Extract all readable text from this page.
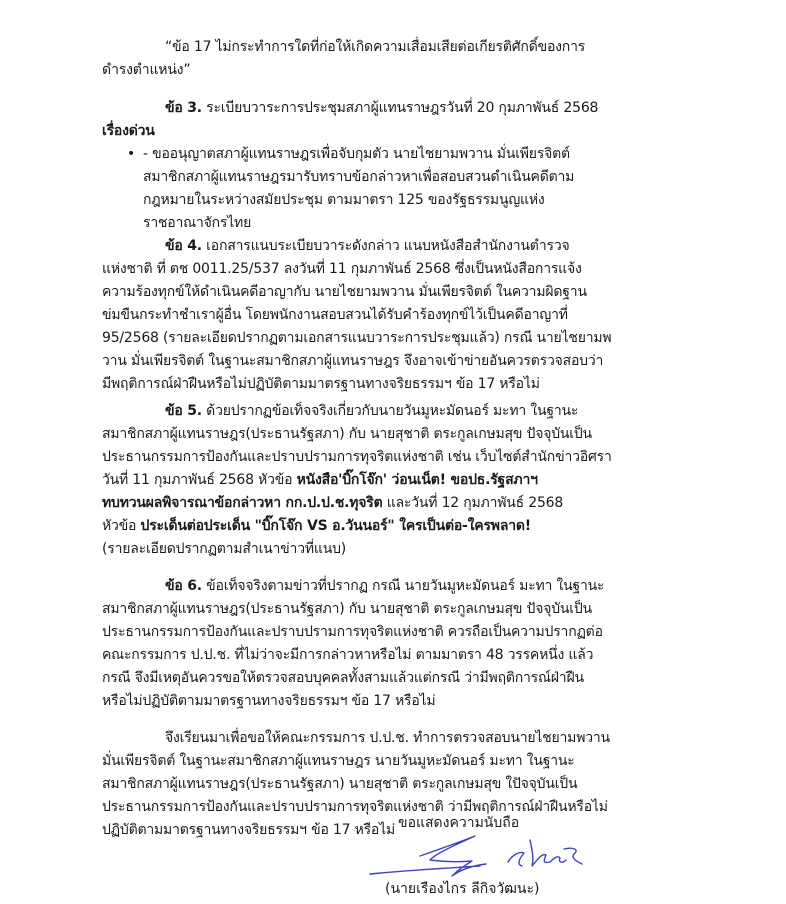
“ข้อ 17 ไม่กระทำการใดที่ก่อให้เกิดความเสื่อมเสียต่อเกียรติศักดิ์ของการ
ดำรงตำแหน่ง”
ข้อ 3. ระเบียบวาระการประชุมสภาผู้แทนราษฎรวันที่ 20 กุมภาพันธ์ 2568
เรื่องด่วน
• - ขออนุญาตสภาผู้แทนราษฎรเพื่อจับกุมตัว นายไชยามพวาน มั่นเพียรจิตต์
สมาชิกสภาผู้แทนราษฎรมารับทราบข้อกล่าวหาเพื่อสอบสวนดำเนินคดีตาม
กฎหมายในระหว่างสมัยประชุม ตามมาตรา 125 ของรัฐธรรมนูญแห่ง
ราชอาณาจักรไทย
ข้อ 4. เอกสารแนบระเบียบวาระดังกล่าว แนบหนังสือสำนักงานตำรวจ
แห่งชาติ ที่ ตช 0011.25/537 ลงวันที่ 11 กุมภาพันธ์ 2568 ซึ่งเป็นหนังสือการแจ้ง
ความร้องทุกข์ให้ดำเนินคดีอาญากับ นายไชยามพวาน มั่นเพียรจิตต์ ในความผิดฐาน
ข่มขืนกระทำชำเราผู้อื่น โดยพนักงานสอบสวนได้รับคำร้องทุกข์ไว้เป็นคดีอาญาที่
95/2568 (รายละเอียดปรากฏตามเอกสารแนบวาระการประชุมแล้ว) กรณี นายไชยามพ
วาน มั่นเพียรจิตต์ ในฐานะสมาชิกสภาผู้แทนราษฎร จึงอาจเข้าข่ายอันควรตรวจสอบว่า
มีพฤติการณ์ฝ่าฝืนหรือไม่ปฏิบัติตามมาตรฐานทางจริยธรรมฯ ข้อ 17 หรือไม่
ข้อ 5. ด้วยปรากฏข้อเท็จจริงเกี่ยวกับนายวันมูหะมัดนอร์ มะทา ในฐานะ
สมาชิกสภาผู้แทนราษฎร(ประธานรัฐสภา) กับ นายสุชาติ ตระกูลเกษมสุข ปัจจุบันเป็น
ประธานกรรมการป้องกันและปราบปรามการทุจริตแห่งชาติ เช่น เว็บไซต์สำนักข่าวอิศรา
วันที่ 11 กุมภาพันธ์ 2568 หัวข้อ หนังสือ'บิ๊กโจ๊ก' ว่อนเน็ต! ขอปธ.รัฐสภาฯ
ทบทวนผลพิจารณาข้อกล่าวหา กก.ป.ป.ช.ทุจริต และวันที่ 12 กุมภาพันธ์ 2568
หัวข้อ ประเด็นต่อประเด็น "บิ๊กโจ๊ก VS อ.วันนอร์" ใครเป็นต่อ-ใครพลาด!
(รายละเอียดปรากฏตามสำเนาข่าวที่แนบ)
ข้อ 6. ข้อเท็จจริงตามข่าวที่ปรากฏ กรณี นายวันมูหะมัดนอร์ มะทา ในฐานะ
สมาชิกสภาผู้แทนราษฎร(ประธานรัฐสภา) กับ นายสุชาติ ตระกูลเกษมสุข ปัจจุบันเป็น
ประธานกรรมการป้องกันและปราบปรามการทุจริตแห่งชาติ ควรถือเป็นความปรากฏต่อ
คณะกรรมการ ป.ป.ช. ที่ไม่ว่าจะมีการกล่าวหาหรือไม่ ตามมาตรา 48 วรรคหนึ่ง แล้ว
กรณี จึงมีเหตุอันควรขอให้ตรวจสอบบุคคลทั้งสามแล้วแต่กรณี ว่ามีพฤติการณ์ฝ่าฝืน
หรือไม่ปฏิบัติตามมาตรฐานทางจริยธรรมฯ ข้อ 17 หรือไม่
จึงเรียนมาเพื่อขอให้คณะกรรมการ ป.ป.ช. ทำการตรวจสอบนายไชยามพวาน
มั่นเพียรจิตต์ ในฐานะสมาชิกสภาผู้แทนราษฎร นายวันมูหะมัดนอร์ มะทา ในฐานะ
สมาชิกสภาผู้แทนราษฎร(ประธานรัฐสภา) นายสุชาติ ตระกูลเกษมสุข ใปัจจุบันเป็น
ประธานกรรมการป้องกันและปราบปรามการทุจริตแห่งชาติ ว่ามีพฤติการณ์ฝ่าฝืนหรือไม่
ปฏิบัติตามมาตรฐานทางจริยธรรมฯ ข้อ 17 หรือไม่ ขอแสดงความนับถือ
(นายเรืองไกร ลีกิจวัฒนะ)
